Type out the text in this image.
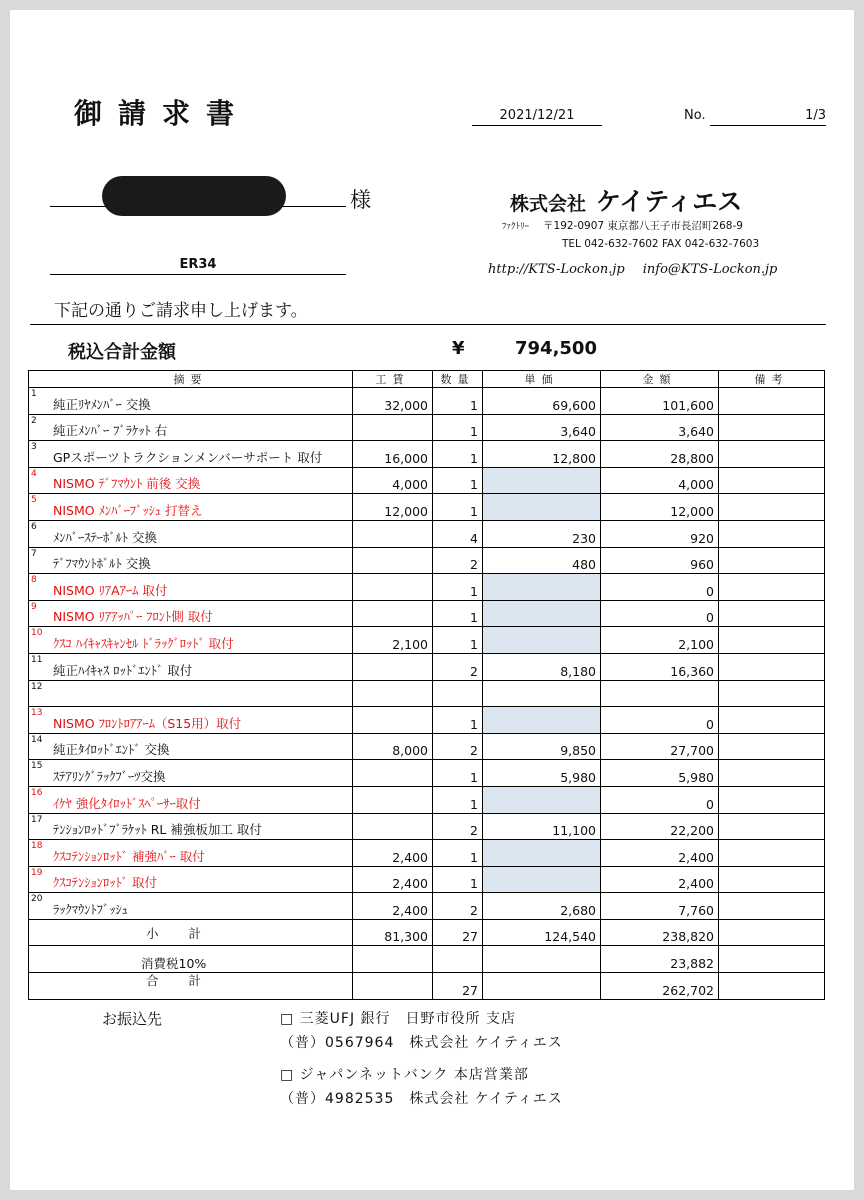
御請求書	2021/12/21	No.	1/3
様
ER34
下記の通りご請求申し上げます。
株式会社 ケイティエス
ﾌｧｸﾄﾘｰ 〒192-0907 東京都八王子市長沼町268-9
TEL 042-632-7602 FAX 042-632-7603
http://KTS-Lockon.jp info@KTS-Lockon.jp
税込合計金額	¥	794,500
摘要	工賃	数量	単価	金額	備考

1
純正ﾘﾔﾒﾝﾊﾞｰ 交換	32,000	1	69,600	101,600	

2
純正ﾒﾝﾊﾞｰ ﾌﾞﾗｹｯﾄ 右		1	3,640	3,640	

3
GPスポーツトラクションメンバーサポート 取付	16,000	1	12,800	28,800	

4
NISMO ﾃﾞﾌﾏｳﾝﾄ 前後 交換	4,000	1		4,000	

5
NISMO ﾒﾝﾊﾞｰﾌﾞｯｼｭ 打替え	12,000	1		12,000	

6
ﾒﾝﾊﾞｰｽﾃｰﾎﾞﾙﾄ 交換		4	230	920	

7
ﾃﾞﾌﾏｳﾝﾄﾎﾞﾙﾄ 交換		2	480	960	

8
NISMO ﾘｱAｱｰﾑ 取付		1		0	

9
NISMO ﾘｱｱｯﾊﾟｰ ﾌﾛﾝﾄ側 取付		1		0	

10
ｸｽｺ ﾊｲｷｬｽｷｬﾝｾﾙ ﾄﾞﾗｯｸﾞﾛｯﾄﾞ 取付	2,100	1		2,100	

11
純正ﾊｲｷｬｽ ﾛｯﾄﾞｴﾝﾄﾞ 取付		2	8,180	16,360	

12					

13
NISMO ﾌﾛﾝﾄﾛｱｱｰﾑ（S15用）取付		1		0	

14
純正ﾀｲﾛｯﾄﾞｴﾝﾄﾞ 交換	8,000	2	9,850	27,700	

15
ｽﾃｱﾘﾝｸﾞﾗｯｸﾌﾞｰﾂ交換		1	5,980	5,980	

16
ｲｹﾔ 強化ﾀｲﾛｯﾄﾞｽﾍﾟｰｻｰ取付		1		0	

17
ﾃﾝｼｮﾝﾛｯﾄﾞﾌﾞﾗｹｯﾄ RL 補強板加工 取付		2	11,100	22,200	

18
ｸｽｺﾃﾝｼｮﾝﾛｯﾄﾞ 補強ﾊﾞｰ 取付	2,400	1		2,400	

19
ｸｽｺﾃﾝｼｮﾝﾛｯﾄﾞ 取付	2,400	1		2,400	

20
ﾗｯｸﾏｳﾝﾄﾌﾞｯｼｭ	2,400	2	2,680	7,760	
小計	81,300	27	124,540	238,820	
消費税10%				23,882	
合計		27		262,702	
お振込先	□ 三菱UFJ 銀行　日野市役所 支店
（普）0567964　株式会社 ケイティエス
□ ジャパンネットバンク 本店営業部
（普）4982535　株式会社 ケイティエス
